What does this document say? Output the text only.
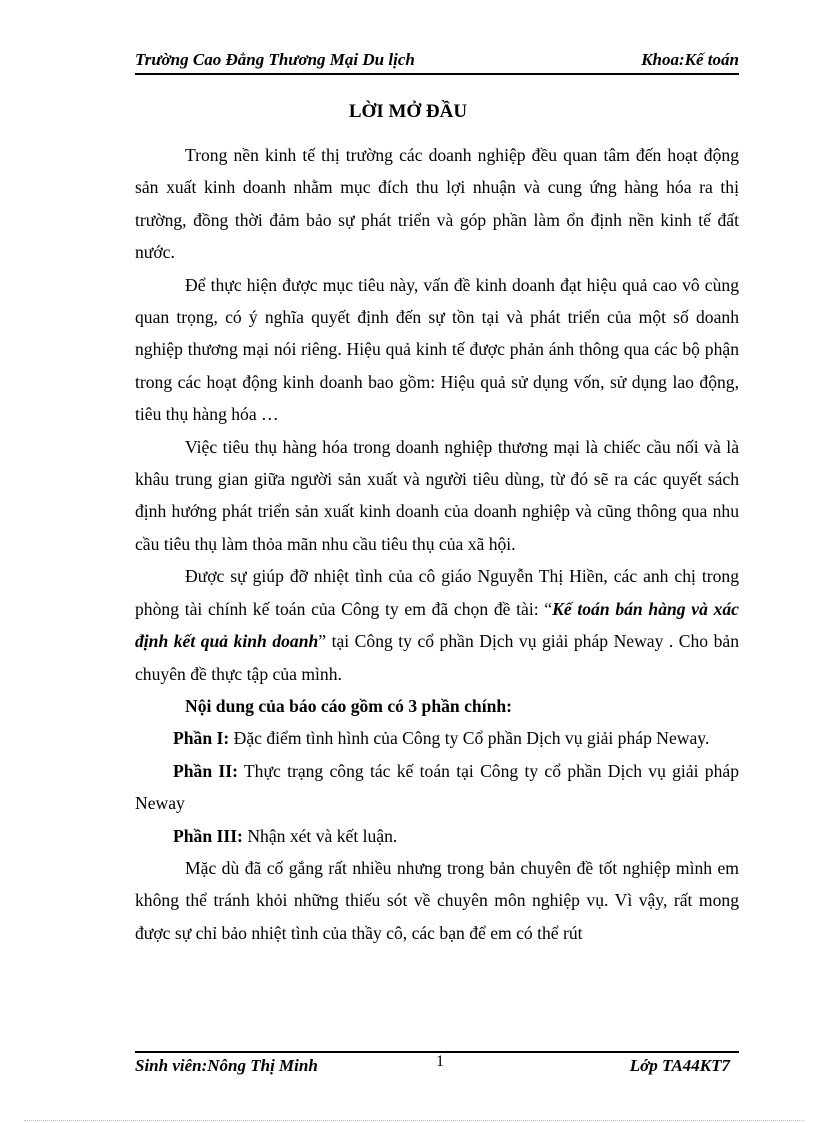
Trường Cao Đẳng Thương Mại Du lịch	Khoa:Kế toán
LỜI MỞ ĐẦU

Trong nền kinh tế thị trường các doanh nghiệp đều quan tâm đến hoạt động sản xuất kinh doanh nhằm mục đích thu lợi nhuận và cung ứng hàng hóa ra thị trường, đồng thời đảm bảo sự phát triển và góp phần làm ổn định nền kinh tế đất nước.

Để thực hiện được mục tiêu này, vấn đề kinh doanh đạt hiệu quả cao vô cùng quan trọng, có ý nghĩa quyết định đến sự tồn tại và phát triển của một số doanh nghiệp thương mại nói riêng. Hiệu quả kinh tế được phản ánh thông qua các bộ phận trong các hoạt động kinh doanh bao gồm: Hiệu quả sử dụng vốn, sử dụng lao động, tiêu thụ hàng hóa …

Việc tiêu thụ hàng hóa trong doanh nghiệp thương mại là chiếc cầu nối và là khâu trung gian giữa người sản xuất và người tiêu dùng, từ đó sẽ ra các quyết sách định hướng phát triển sản xuất kinh doanh của doanh nghiệp và cũng thông qua nhu cầu tiêu thụ làm thỏa mãn nhu cầu tiêu thụ của xã hội.

Được sự giúp đỡ nhiệt tình của cô giáo Nguyễn Thị Hiền, các anh chị trong phòng tài chính kế toán của Công ty em đã chọn đề tài: “Kế toán bán hàng và xác định kết quả kinh doanh” tại Công ty cổ phần Dịch vụ giải pháp Neway . Cho bản chuyên đề thực tập của mình.

Nội dung của báo cáo gồm có 3 phần chính:

Phần I: Đặc điểm tình hình của Công ty Cổ phần Dịch vụ giải pháp Neway.

Phần II: Thực trạng công tác kế toán tại Công ty cổ phần Dịch vụ giải pháp Neway

Phần III: Nhận xét và kết luận.

Mặc dù đã cố gắng rất nhiều nhưng trong bản chuyên đề tốt nghiệp mình em không thể tránh khỏi những thiếu sót về chuyên môn nghiệp vụ. Vì vậy, rất mong được sự chỉ bảo nhiệt tình của thầy cô, các bạn để em có thể rút

Sinh viên:Nông Thị Minh	1	Lớp TA44KT7
